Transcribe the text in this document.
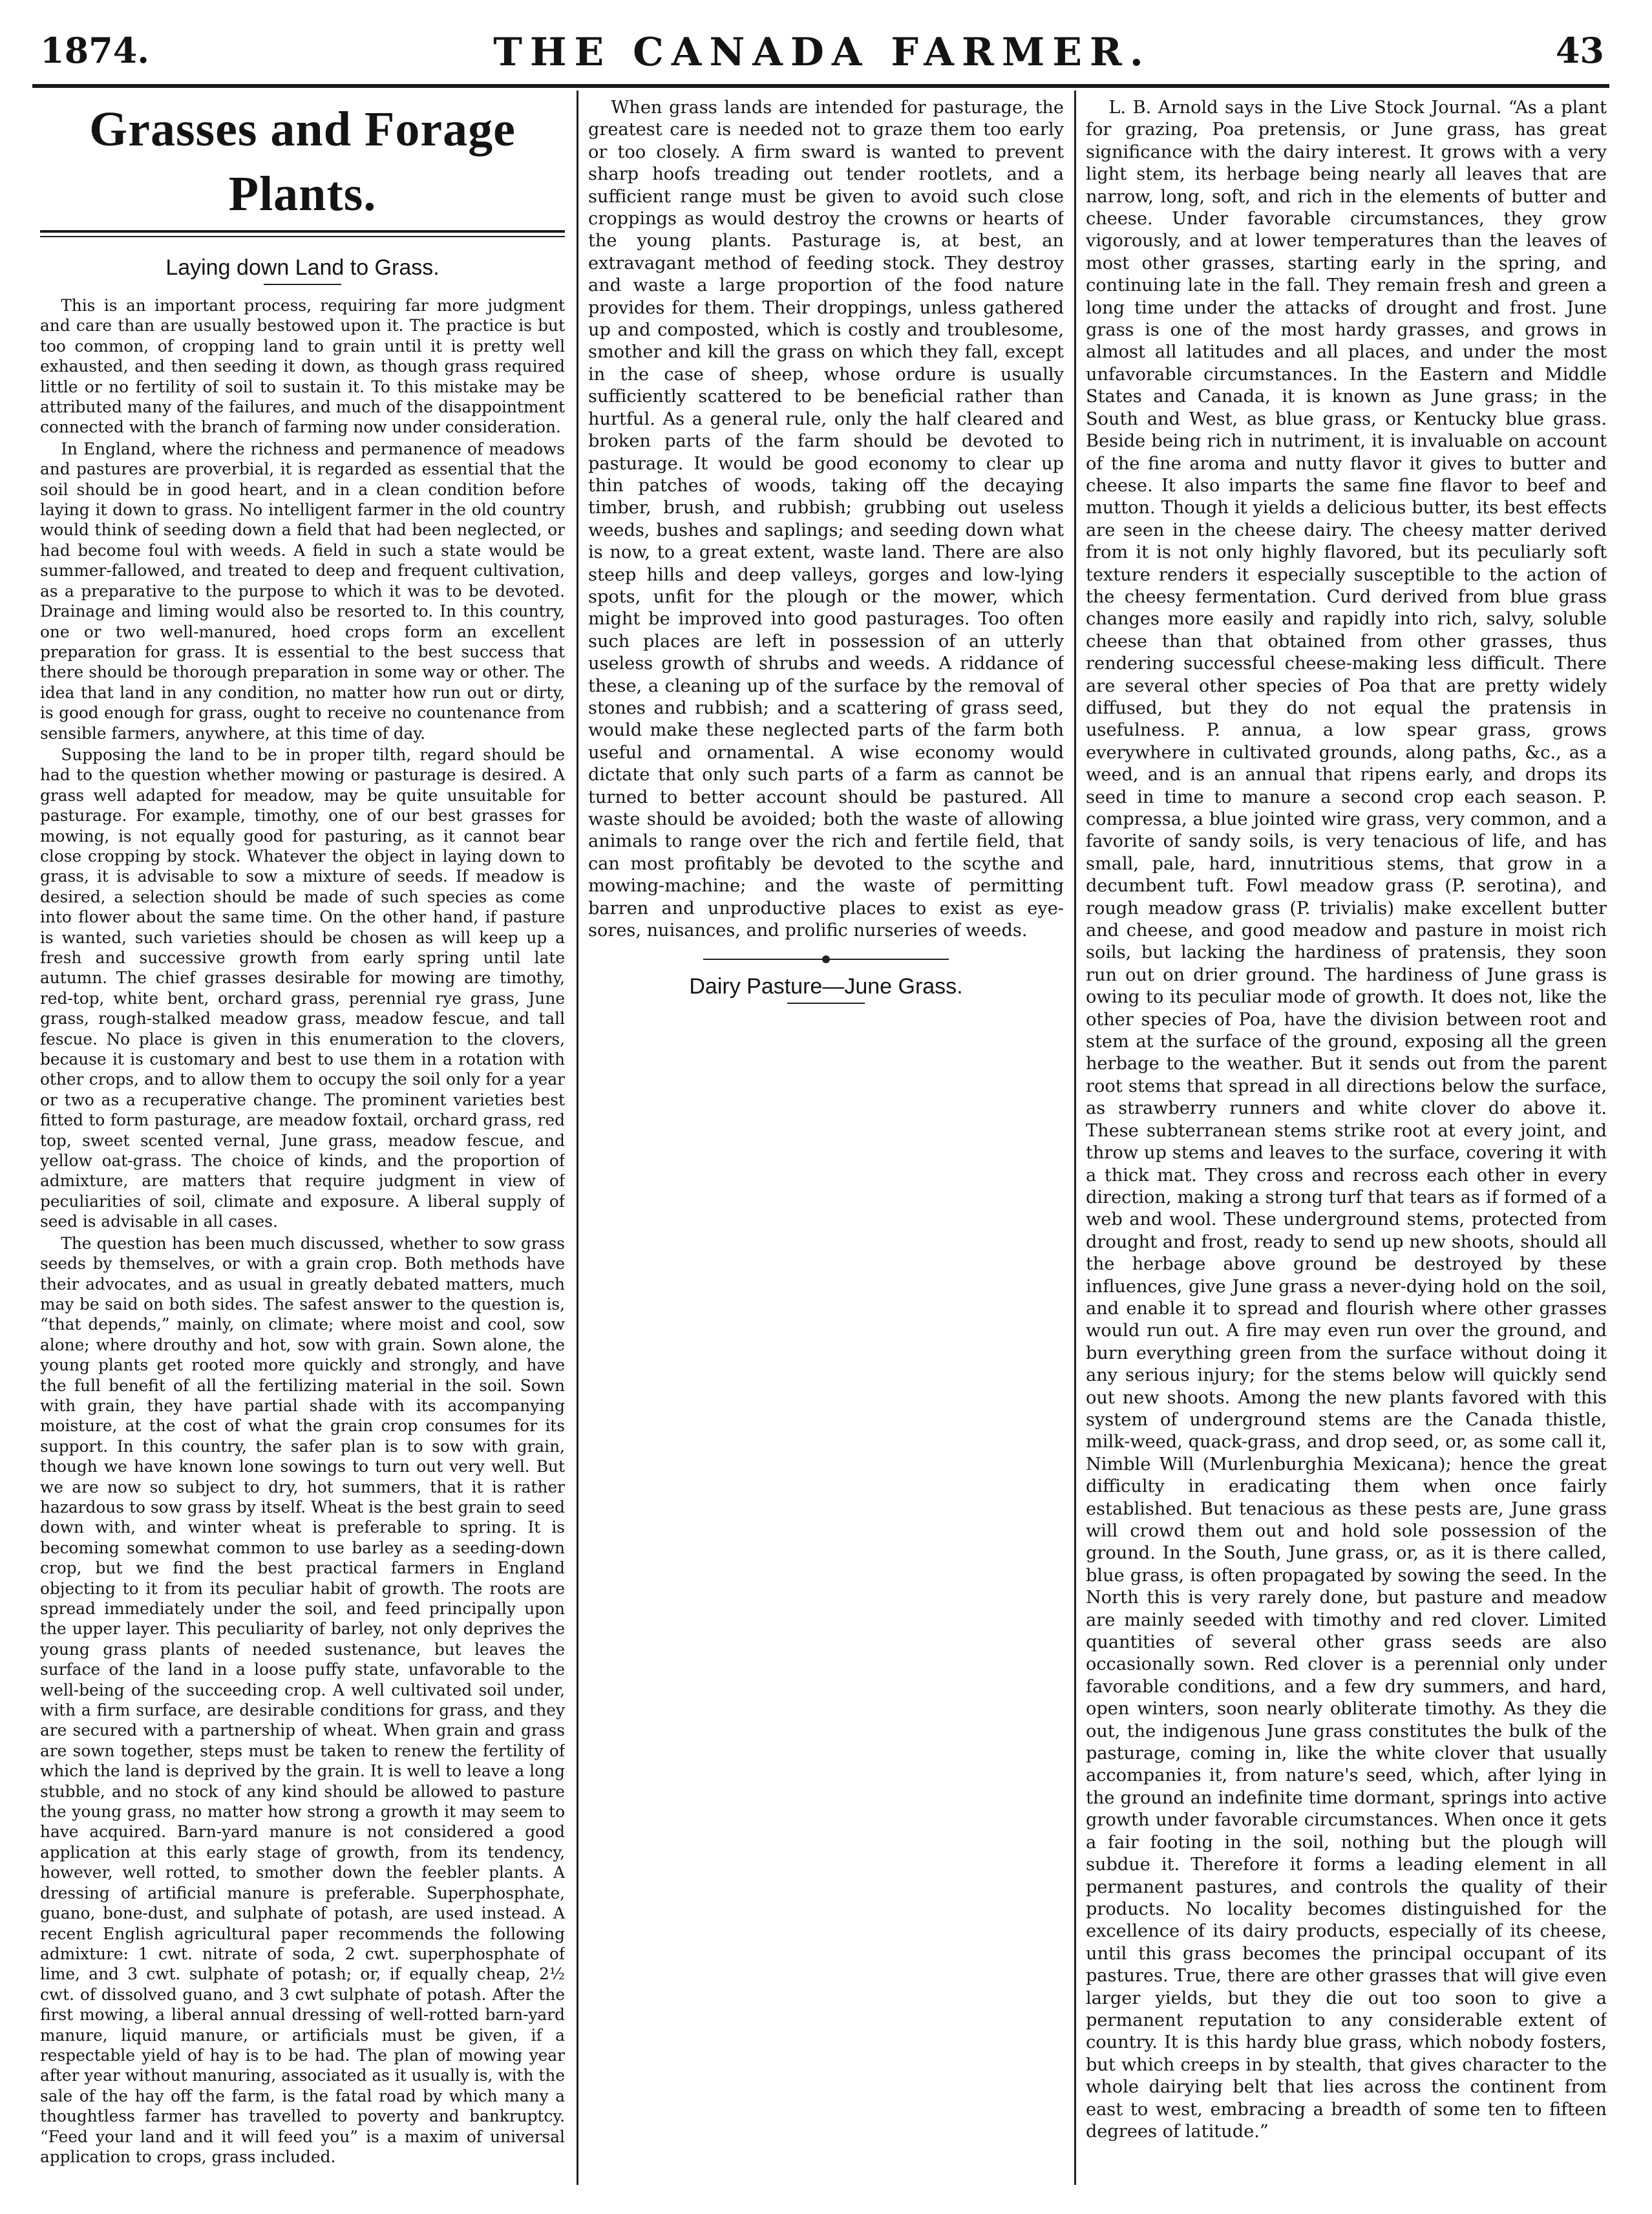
1874.	THE CANADA FARMER.	43
Grasses and Forage Plants.
Laying down Land to Grass.

This is an important process, requiring far more judgment and care than are usually bestowed upon it. The practice is but too common, of cropping land to grain until it is pretty well exhausted, and then seeding it down, as though grass required little or no fertility of soil to sustain it. To this mistake may be attributed many of the failures, and much of the disappointment connected with the branch of farming now under consideration.

In England, where the richness and permanence of meadows and pastures are proverbial, it is regarded as essential that the soil should be in good heart, and in a clean condition before laying it down to grass. No intelligent farmer in the old country would think of seeding down a field that had been neglected, or had become foul with weeds. A field in such a state would be summer-fallowed, and treated to deep and frequent cultivation, as a preparative to the purpose to which it was to be devoted. Drainage and liming would also be resorted to. In this country, one or two well-manured, hoed crops form an excellent preparation for grass. It is essential to the best success that there should be thorough preparation in some way or other. The idea that land in any condition, no matter how run out or dirty, is good enough for grass, ought to receive no countenance from sensible farmers, anywhere, at this time of day.

Supposing the land to be in proper tilth, regard should be had to the question whether mowing or pasturage is desired. A grass well adapted for meadow, may be quite unsuitable for pasturage. For example, timothy, one of our best grasses for mowing, is not equally good for pasturing, as it cannot bear close cropping by stock. Whatever the object in laying down to grass, it is advisable to sow a mixture of seeds. If meadow is desired, a selection should be made of such species as come into flower about the same time. On the other hand, if pasture is wanted, such varieties should be chosen as will keep up a fresh and successive growth from early spring until late autumn. The chief grasses desirable for mowing are timothy, red-top, white bent, orchard grass, perennial rye grass, June grass, rough-stalked meadow grass, meadow fescue, and tall fescue. No place is given in this enumeration to the clovers, because it is customary and best to use them in a rotation with other crops, and to allow them to occupy the soil only for a year or two as a recuperative change. The prominent varieties best fitted to form pasturage, are meadow foxtail, orchard grass, red top, sweet scented vernal, June grass, meadow fescue, and yellow oat-grass. The choice of kinds, and the proportion of admixture, are matters that require judgment in view of peculiarities of soil, climate and exposure. A liberal supply of seed is advisable in all cases.

The question has been much discussed, whether to sow grass seeds by themselves, or with a grain crop. Both methods have their advocates, and as usual in greatly debated matters, much may be said on both sides. The safest answer to the question is, “that depends,” mainly, on climate; where moist and cool, sow alone; where drouthy and hot, sow with grain. Sown alone, the young plants get rooted more quickly and strongly, and have the full benefit of all the fertilizing material in the soil. Sown with grain, they have partial shade with its accompanying moisture, at the cost of what the grain crop consumes for its support. In this country, the safer plan is to sow with grain, though we have known lone sowings to turn out very well. But we are now so subject to dry, hot summers, that it is rather hazardous to sow grass by itself. Wheat is the best grain to seed down with, and winter wheat is preferable to spring. It is becoming somewhat common to use barley as a seeding-down crop, but we find the best practical farmers in England objecting to it from its peculiar habit of growth. The roots are spread immediately under the soil, and feed principally upon the upper layer. This peculiarity of barley, not only deprives the young grass plants of needed sustenance, but leaves the surface of the land in a loose puffy state, unfavorable to the well-being of the succeeding crop. A well cultivated soil under, with a firm surface, are desirable conditions for grass, and they are secured with a partnership of wheat. When grain and grass are sown together, steps must be taken to renew the fertility of which the land is deprived by the grain. It is well to leave a long stubble, and no stock of any kind should be allowed to pasture the young grass, no matter how strong a growth it may seem to have acquired. Barn-yard manure is not considered a good application at this early stage of growth, from its tendency, however, well rotted, to smother down the feebler plants. A dressing of artificial manure is preferable. Superphosphate, guano, bone-dust, and sulphate of potash, are used instead. A recent English agricultural paper recommends the following admixture: 1 cwt. nitrate of soda, 2 cwt. superphosphate of lime, and 3 cwt. sulphate of potash; or, if equally cheap, 2½ cwt. of dissolved guano, and 3 cwt sulphate of potash. After the first mowing, a liberal annual dressing of well-rotted barn-yard manure, liquid manure, or artificials must be given, if a respectable yield of hay is to be had. The plan of mowing year after year without manuring, associated as it usually is, with the sale of the hay off the farm, is the fatal road by which many a thoughtless farmer has travelled to poverty and bankruptcy. “Feed your land and it will feed you” is a maxim of universal application to crops, grass included.

When grass lands are intended for pasturage, the greatest care is needed not to graze them too early or too closely. A firm sward is wanted to prevent sharp hoofs treading out tender rootlets, and a sufficient range must be given to avoid such close croppings as would destroy the crowns or hearts of the young plants. Pasturage is, at best, an extravagant method of feeding stock. They destroy and waste a large proportion of the food nature provides for them. Their droppings, unless gathered up and composted, which is costly and troublesome, smother and kill the grass on which they fall, except in the case of sheep, whose ordure is usually sufficiently scattered to be beneficial rather than hurtful. As a general rule, only the half cleared and broken parts of the farm should be devoted to pasturage. It would be good economy to clear up thin patches of woods, taking off the decaying timber, brush, and rubbish; grubbing out useless weeds, bushes and saplings; and seeding down what is now, to a great extent, waste land. There are also steep hills and deep valleys, gorges and low-lying spots, unfit for the plough or the mower, which might be improved into good pasturages. Too often such places are left in possession of an utterly useless growth of shrubs and weeds. A riddance of these, a cleaning up of the surface by the removal of stones and rubbish; and a scattering of grass seed, would make these neglected parts of the farm both useful and ornamental. A wise economy would dictate that only such parts of a farm as cannot be turned to better account should be pastured. All waste should be avoided; both the waste of allowing animals to range over the rich and fertile field, that can most profitably be devoted to the scythe and mowing-machine; and the waste of permitting barren and unproductive places to exist as eye-sores, nuisances, and prolific nurseries of weeds.

Dairy Pasture—June Grass.

L. B. Arnold says in the Live Stock Journal. “As a plant for grazing, Poa pretensis, or June grass, has great significance with the dairy interest. It grows with a very light stem, its herbage being nearly all leaves that are narrow, long, soft, and rich in the elements of butter and cheese. Under favorable circumstances, they grow vigorously, and at lower temperatures than the leaves of most other grasses, starting early in the spring, and continuing late in the fall. They remain fresh and green a long time under the attacks of drought and frost. June grass is one of the most hardy grasses, and grows in almost all latitudes and all places, and under the most unfavorable circumstances. In the Eastern and Middle States and Canada, it is known as June grass; in the South and West, as blue grass, or Kentucky blue grass. Beside being rich in nutriment, it is invaluable on account of the fine aroma and nutty flavor it gives to butter and cheese. It also imparts the same fine flavor to beef and mutton. Though it yields a delicious butter, its best effects are seen in the cheese dairy. The cheesy matter derived from it is not only highly flavored, but its peculiarly soft texture renders it especially susceptible to the action of the cheesy fermentation. Curd derived from blue grass changes more easily and rapidly into rich, salvy, soluble cheese than that obtained from other grasses, thus rendering successful cheese-making less difficult. There are several other species of Poa that are pretty widely diffused, but they do not equal the pratensis in usefulness. P. annua, a low spear grass, grows everywhere in cultivated grounds, along paths, &c., as a weed, and is an annual that ripens early, and drops its seed in time to manure a second crop each season. P. compressa, a blue jointed wire grass, very common, and a favorite of sandy soils, is very tenacious of life, and has small, pale, hard, innutritious stems, that grow in a decumbent tuft. Fowl meadow grass (P. serotina), and rough meadow grass (P. trivialis) make excellent butter and cheese, and good meadow and pasture in moist rich soils, but lacking the hardiness of pratensis, they soon run out on drier ground. The hardiness of June grass is owing to its peculiar mode of growth. It does not, like the other species of Poa, have the division between root and stem at the surface of the ground, exposing all the green herbage to the weather. But it sends out from the parent root stems that spread in all directions below the surface, as strawberry runners and white clover do above it. These subterranean stems strike root at every joint, and throw up stems and leaves to the surface, covering it with a thick mat. They cross and recross each other in every direction, making a strong turf that tears as if formed of a web and wool. These underground stems, protected from drought and frost, ready to send up new shoots, should all the herbage above ground be destroyed by these influences, give June grass a never-dying hold on the soil, and enable it to spread and flourish where other grasses would run out. A fire may even run over the ground, and burn everything green from the surface without doing it any serious injury; for the stems below will quickly send out new shoots. Among the new plants favored with this system of underground stems are the Canada thistle, milk-weed, quack-grass, and drop seed, or, as some call it, Nimble Will (Murlenburghia Mexicana); hence the great difficulty in eradicating them when once fairly established. But tenacious as these pests are, June grass will crowd them out and hold sole possession of the ground. In the South, June grass, or, as it is there called, blue grass, is often propagated by sowing the seed. In the North this is very rarely done, but pasture and meadow are mainly seeded with timothy and red clover. Limited quantities of several other grass seeds are also occasionally sown. Red clover is a perennial only under favorable conditions, and a few dry summers, and hard, open winters, soon nearly obliterate timothy. As they die out, the indigenous June grass constitutes the bulk of the pasturage, coming in, like the white clover that usually accompanies it, from nature's seed, which, after lying in the ground an indefinite time dormant, springs into active growth under favorable circumstances. When once it gets a fair footing in the soil, nothing but the plough will subdue it. Therefore it forms a leading element in all permanent pastures, and controls the quality of their products. No locality becomes distinguished for the excellence of its dairy products, especially of its cheese, until this grass becomes the principal occupant of its pastures. True, there are other grasses that will give even larger yields, but they die out too soon to give a permanent reputation to any considerable extent of country. It is this hardy blue grass, which nobody fosters, but which creeps in by stealth, that gives character to the whole dairying belt that lies across the continent from east to west, embracing a breadth of some ten to fifteen degrees of latitude.”
